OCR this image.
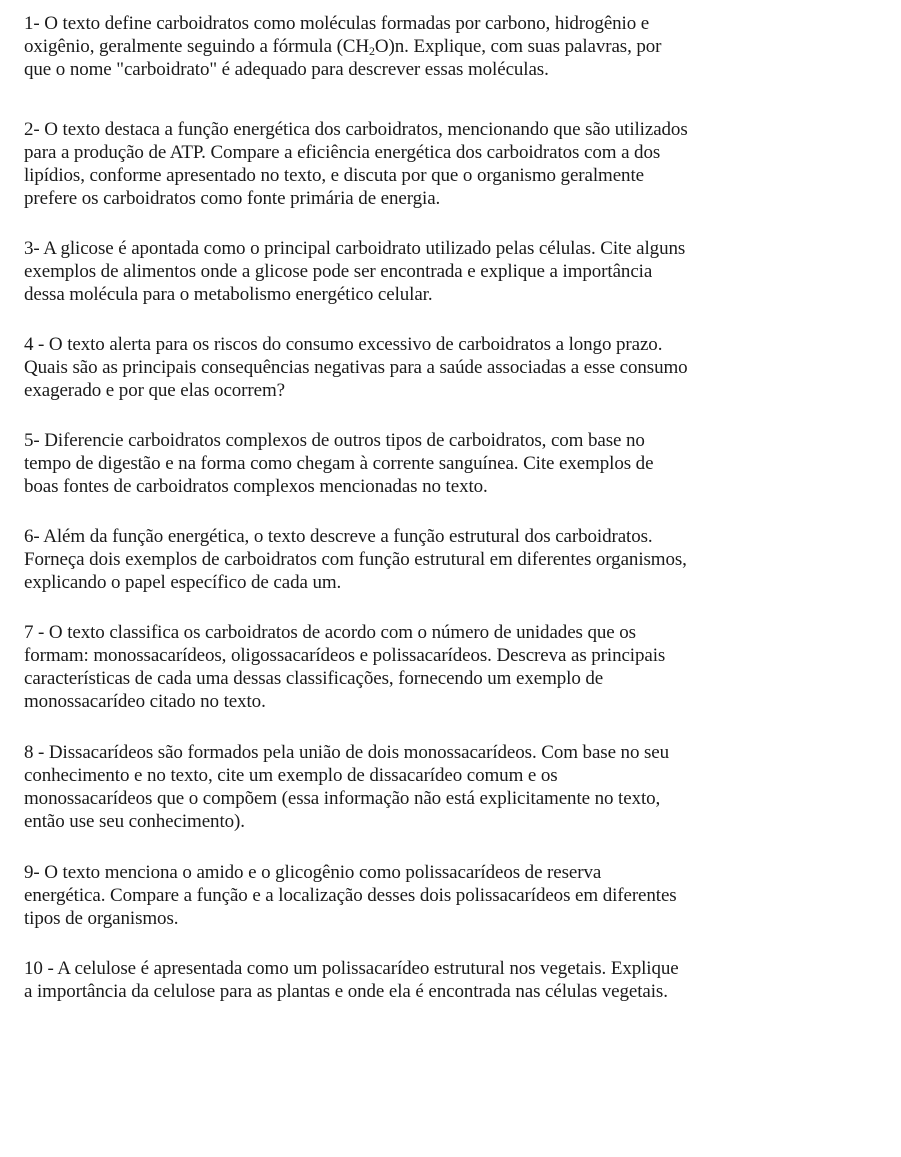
1- O texto define carboidratos como moléculas formadas por carbono, hidrogênio e
oxigênio, geralmente seguindo a fórmula $(CH_2O)n$. Explique, com suas palavras, por
que o nome "carboidrato" é adequado para descrever essas moléculas.

2- O texto destaca a função energética dos carboidratos, mencionando que são utilizados
para a produção de ATP. Compare a eficiência energética dos carboidratos com a dos
lipídios, conforme apresentado no texto, e discuta por que o organismo geralmente
prefere os carboidratos como fonte primária de energia.

3- A glicose é apontada como o principal carboidrato utilizado pelas células. Cite alguns
exemplos de alimentos onde a glicose pode ser encontrada e explique a importância
dessa molécula para o metabolismo energético celular.

4 - O texto alerta para os riscos do consumo excessivo de carboidratos a longo prazo.
Quais são as principais consequências negativas para a saúde associadas a esse consumo
exagerado e por que elas ocorrem?

5- Diferencie carboidratos complexos de outros tipos de carboidratos, com base no
tempo de digestão e na forma como chegam à corrente sanguínea. Cite exemplos de
boas fontes de carboidratos complexos mencionadas no texto.

6- Além da função energética, o texto descreve a função estrutural dos carboidratos.
Forneça dois exemplos de carboidratos com função estrutural em diferentes organismos,
explicando o papel específico de cada um.

7 - O texto classifica os carboidratos de acordo com o número de unidades que os
formam: monossacarídeos, oligossacarídeos e polissacarídeos. Descreva as principais
características de cada uma dessas classificações, fornecendo um exemplo de
monossacarídeo citado no texto.

8 - Dissacarídeos são formados pela união de dois monossacarídeos. Com base no seu
conhecimento e no texto, cite um exemplo de dissacarídeo comum e os
monossacarídeos que o compõem (essa informação não está explicitamente no texto,
então use seu conhecimento).

9- O texto menciona o amido e o glicogênio como polissacarídeos de reserva
energética. Compare a função e a localização desses dois polissacarídeos em diferentes
tipos de organismos.

10 - A celulose é apresentada como um polissacarídeo estrutural nos vegetais. Explique
a importância da celulose para as plantas e onde ela é encontrada nas células vegetais.
